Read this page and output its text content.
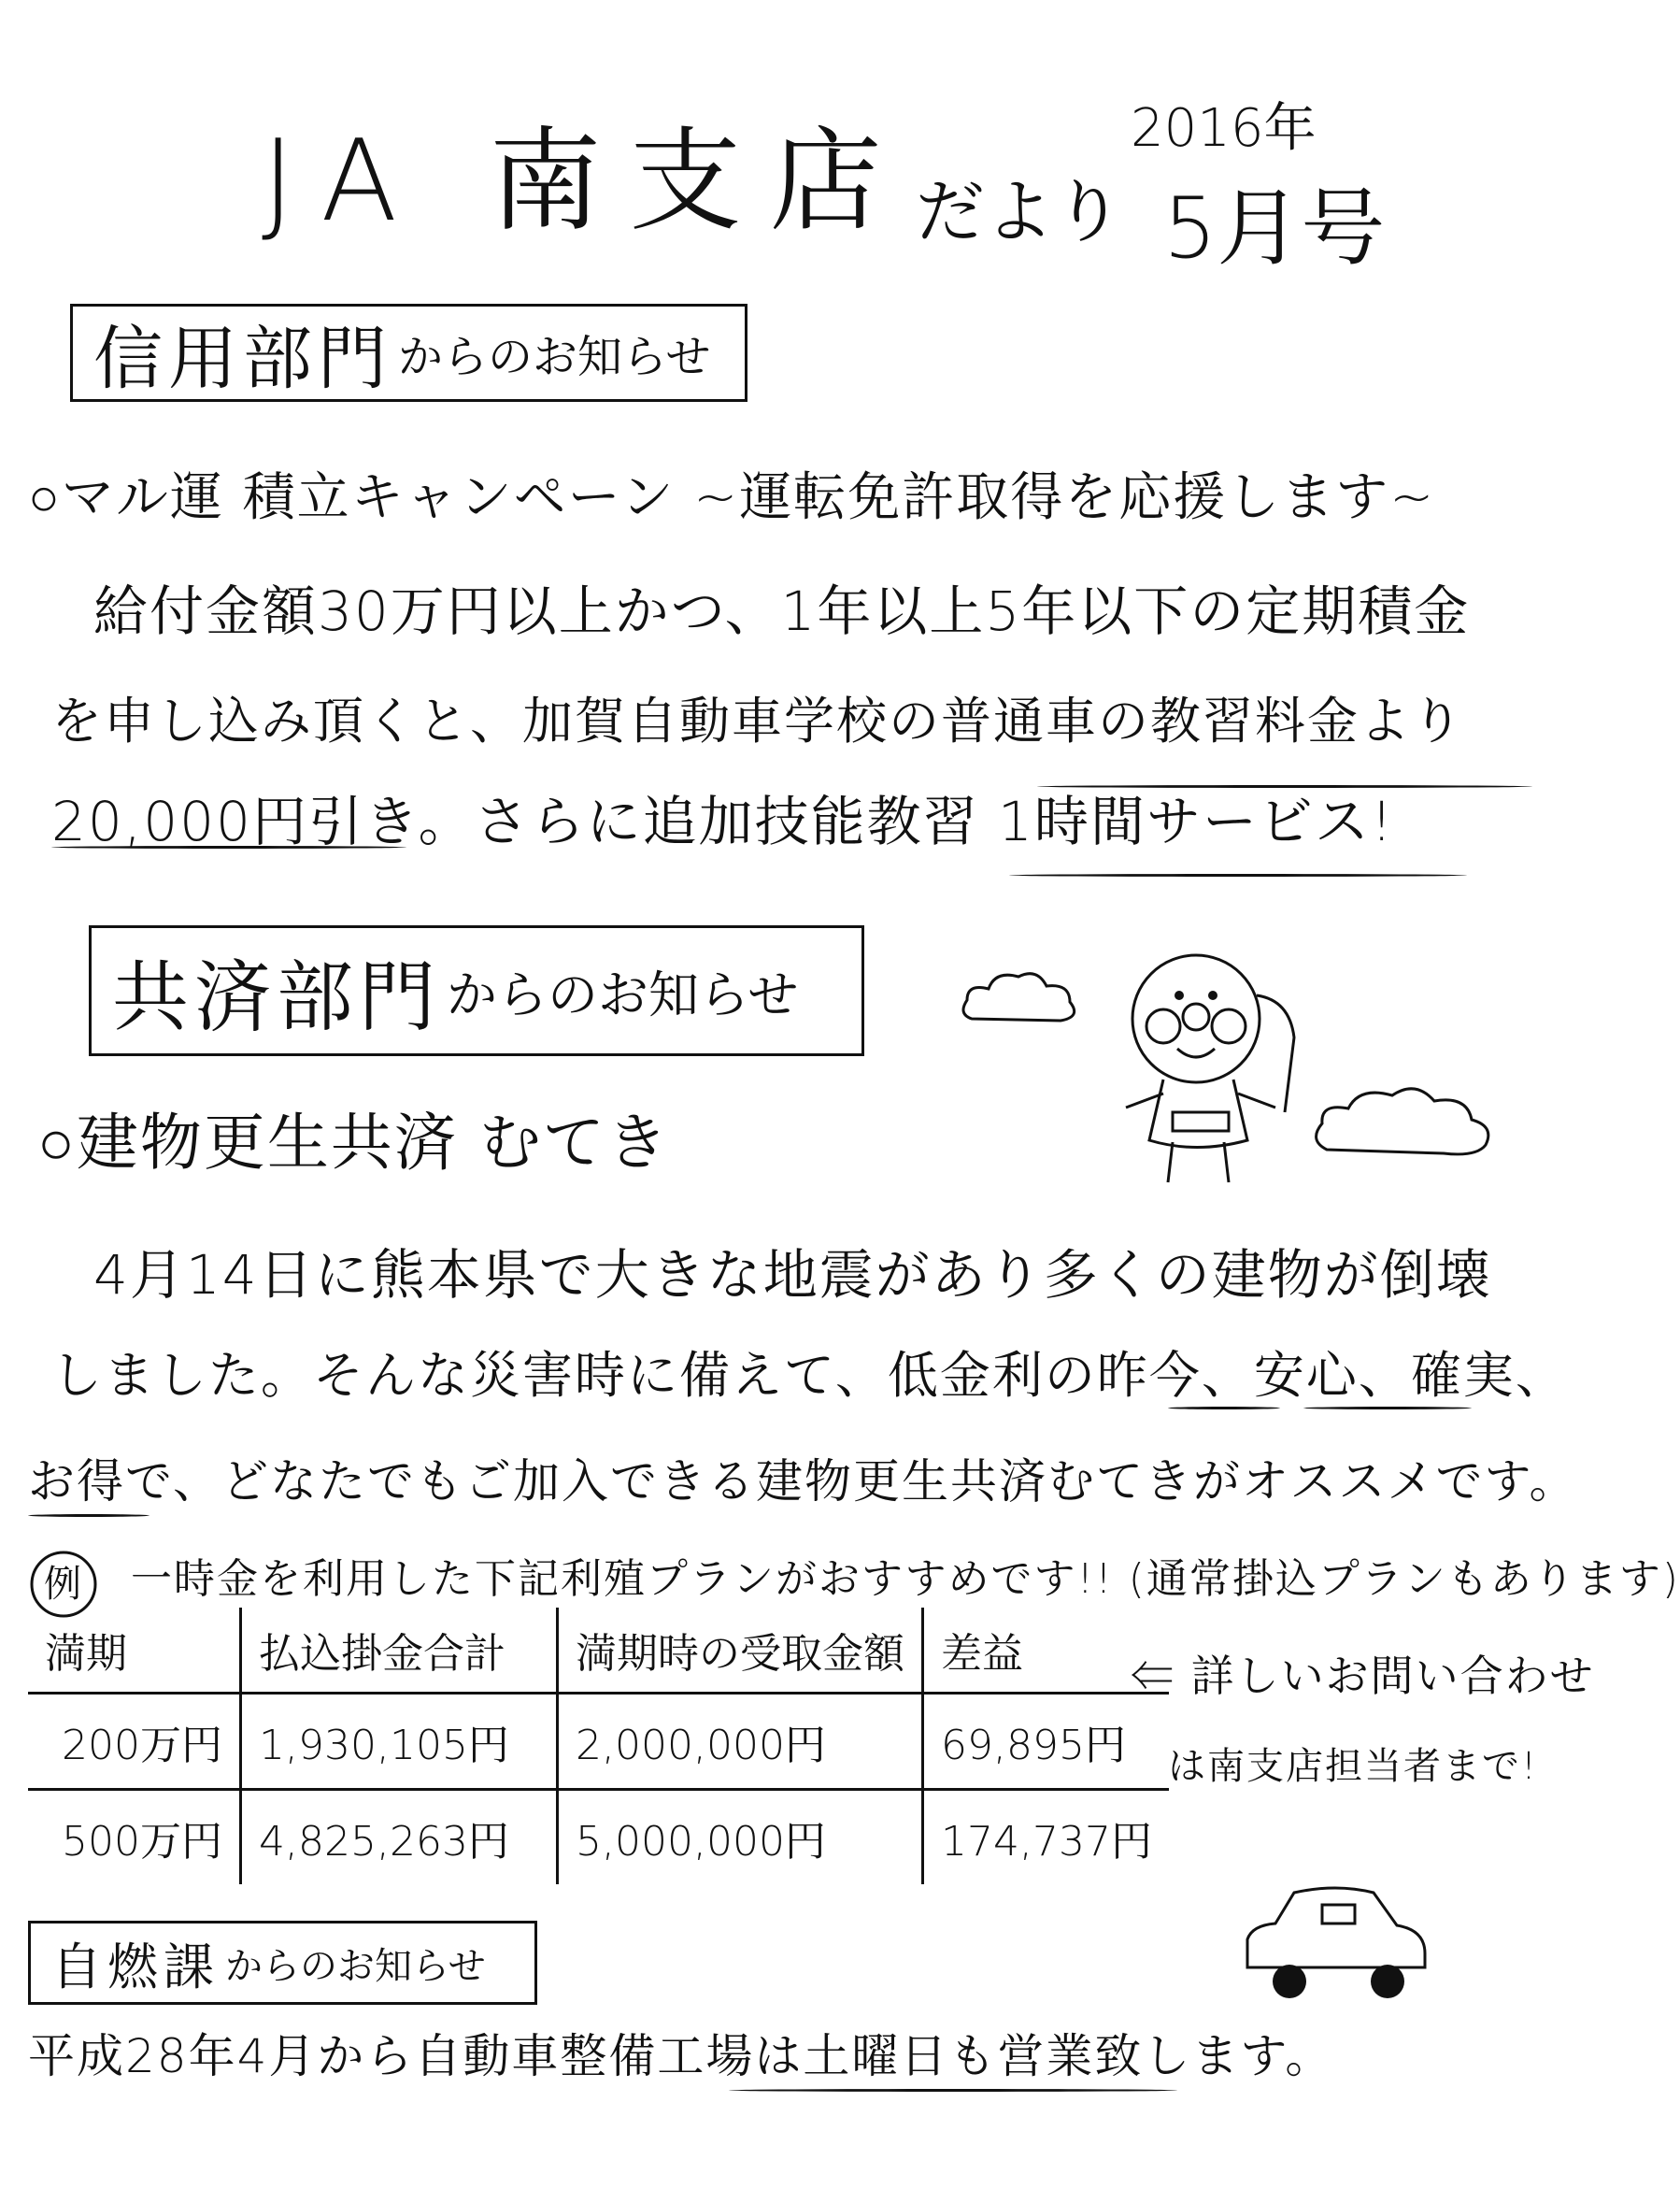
JA 南支店 だより
2016年
5月号
信用部門 からのお知らせ
○マル運 積立キャンペーン ~運転免許取得を応援します~
給付金額30万円以上かつ、1年以上5年以下の定期積金
を申し込み頂くと、加賀自動車学校の普通車の教習料金より
20,000円引き。さらに追加技能教習 1時間サービス!
共済部門 からのお知らせ
○建物更生共済 むてき
4月14日に熊本県で大きな地震があり多くの建物が倒壊
しました。そんな災害時に備えて、低金利の昨今、安心、確実、
お得で、どなたでもご加入できる建物更生共済むてきがオススメです。
例 一時金を利用した下記利殖プランがおすすめです!! (通常掛込プランもあります)
満期	払込掛金合計	満期時の受取金額	差益
200万円	1,930,105円	2,000,000円	69,895円
500万円	4,825,263円	5,000,000円	174,737円
⇐ 詳しいお問い合わせ
は南支店担当者まで!
自燃課 からのお知らせ
平成28年4月から自動車整備工場は土曜日も営業致します。
